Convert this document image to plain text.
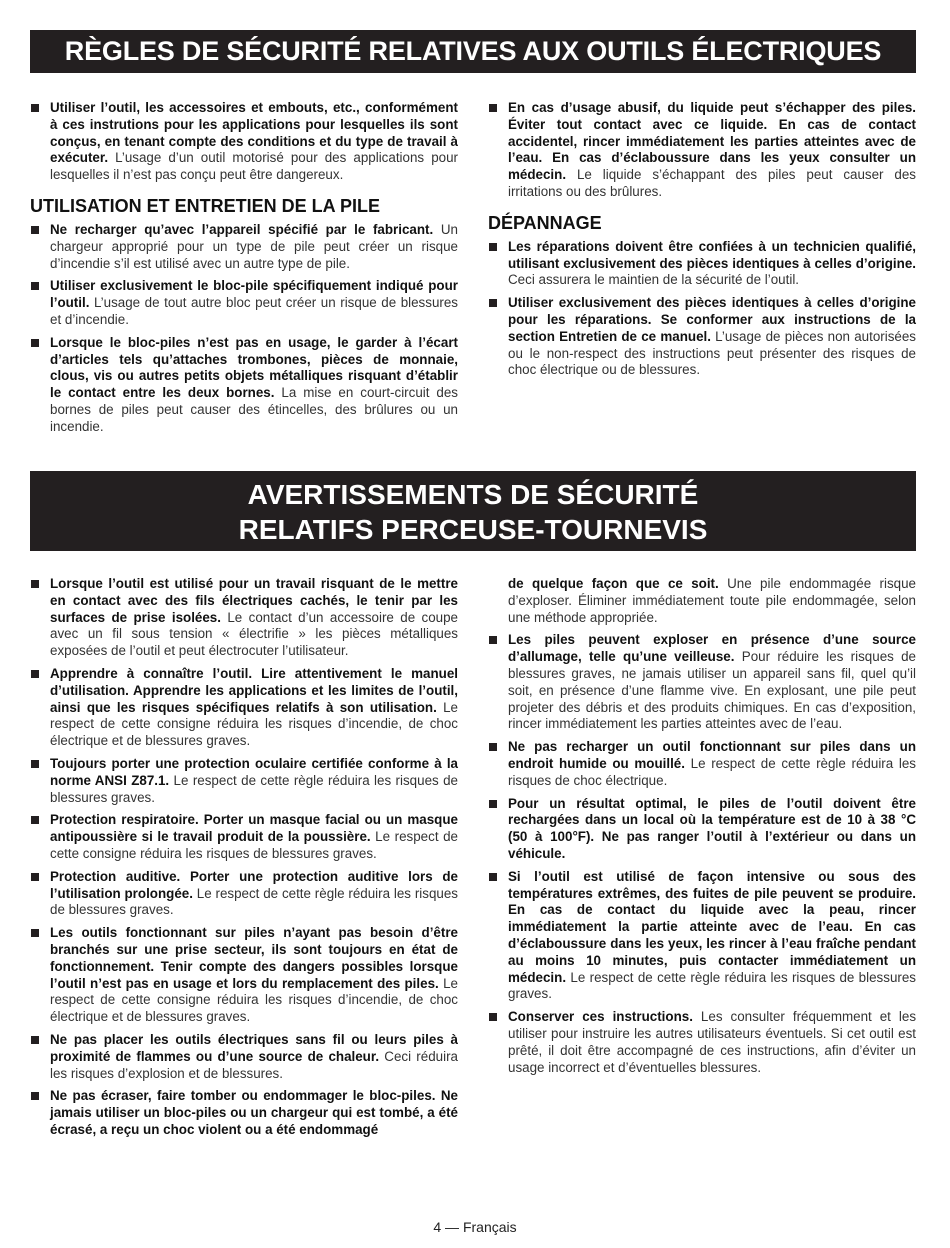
RÈGLES DE SÉCURITÉ RELATIVES AUX OUTILS ÉLECTRIQUES
Utiliser l’outil, les accessoires et embouts, etc., conformément à ces instrutions pour les applications pour lesquelles ils sont conçus, en tenant compte des conditions et du type de travail à exécuter. L’usage d’un outil motorisé pour des applications pour lesquelles il n’est pas conçu peut être dangereux.
UTILISATION ET ENTRETIEN DE LA PILE
Ne recharger qu’avec l’appareil spécifié par le fabricant. Un chargeur approprié pour un type de pile peut créer un risque d’incendie s’il est utilisé avec un autre type de pile.
Utiliser exclusivement le bloc-pile spécifiquement indiqué pour l’outil. L’usage de tout autre bloc peut créer un risque de blessures et d’incendie.
Lorsque le bloc-piles n’est pas en usage, le garder à l’écart d’articles tels qu’attaches trombones, pièces de monnaie, clous, vis ou autres petits objets métalliques risquant d’établir le contact entre les deux bornes. La mise en court-circuit des bornes de piles peut causer des étincelles, des brûlures ou un incendie.
En cas d’usage abusif, du liquide peut s’échapper des piles. Éviter tout contact avec ce liquide. En cas de contact accidentel, rincer immédiatement les parties atteintes avec de l’eau. En cas d’éclaboussure dans les yeux consulter un médecin. Le liquide s’échappant des piles peut causer des irritations ou des brûlures.
DÉPANNAGE
Les réparations doivent être confiées à un technicien qualifié, utilisant exclusivement des pièces identiques à celles d’origine. Ceci assurera le maintien de la sécurité de l’outil.
Utiliser exclusivement des pièces identiques à celles d’origine pour les réparations. Se conformer aux instructions de la section Entretien de ce manuel. L’usage de pièces non autorisées ou le non-respect des instructions peut présenter des risques de choc électrique ou de blessures.
AVERTISSEMENTS DE SÉCURITÉ
RELATIFS PERCEUSE-TOURNEVIS
Lorsque l’outil est utilisé pour un travail risquant de le mettre en contact avec des fils électriques cachés, le tenir par les surfaces de prise isolées. Le contact d’un accessoire de coupe avec un fil sous tension « électrifie » les pièces métalliques exposées de l’outil et peut électrocuter l’utilisateur.
Apprendre à connaître l’outil. Lire attentivement le manuel d’utilisation. Apprendre les applications et les limites de l’outil, ainsi que les risques spécifiques relatifs à son utilisation. Le respect de cette consigne réduira les risques d’incendie, de choc électrique et de blessures graves.
Toujours porter une protection oculaire certifiée conforme à la norme ANSI Z87.1. Le respect de cette règle réduira les risques de blessures graves.
Protection respiratoire. Porter un masque facial ou un masque antipoussière si le travail produit de la poussière. Le respect de cette consigne réduira les risques de blessures graves.
Protection auditive. Porter une protection auditive lors de l’utilisation prolongée. Le respect de cette règle réduira les risques de blessures graves.
Les outils fonctionnant sur piles n’ayant pas besoin d’être branchés sur une prise secteur, ils sont toujours en état de fonctionnement. Tenir compte des dangers possibles lorsque l’outil n’est pas en usage et lors du remplacement des piles. Le respect de cette consigne réduira les risques d’incendie, de choc électrique et de blessures graves.
Ne pas placer les outils électriques sans fil ou leurs piles à proximité de flammes ou d’une source de chaleur. Ceci réduira les risques d’explosion et de blessures.
Ne pas écraser, faire tomber ou endommager le bloc-piles. Ne jamais utiliser un bloc-piles ou un chargeur qui est tombé, a été écrasé, a reçu un choc violent ou a été endommagé
de quelque façon que ce soit. Une pile endommagée risque d’exploser. Éliminer immédiatement toute pile endommagée, selon une méthode appropriée.
Les piles peuvent exploser en présence d’une source d’allumage, telle qu’une veilleuse. Pour réduire les risques de blessures graves, ne jamais utiliser un appareil sans fil, quel qu’il soit, en présence d’une flamme vive. En explosant, une pile peut projeter des débris et des produits chimiques. En cas d’exposition, rincer immédiatement les parties atteintes avec de l’eau.
Ne pas recharger un outil fonctionnant sur piles dans un endroit humide ou mouillé. Le respect de cette règle réduira les risques de choc électrique.
Pour un résultat optimal, le piles de l’outil doivent être rechargées dans un local où la température est de 10 à 38 °C (50 à 100°F). Ne pas ranger l’outil à l’extérieur ou dans un véhicule.
Si l’outil est utilisé de façon intensive ou sous des températures extrêmes, des fuites de pile peuvent se produire. En cas de contact du liquide avec la peau, rincer immédiatement la partie atteinte avec de l’eau. En cas d’éclaboussure dans les yeux, les rincer à l’eau fraîche pendant au moins 10 minutes, puis contacter immédiatement un médecin. Le respect de cette règle réduira les risques de blessures graves.
Conserver ces instructions. Les consulter fréquemment et les utiliser pour instruire les autres utilisateurs éventuels. Si cet outil est prêté, il doit être accompagné de ces instructions, afin d’éviter un usage incorrect et d’éventuelles blessures.
4 — Français
